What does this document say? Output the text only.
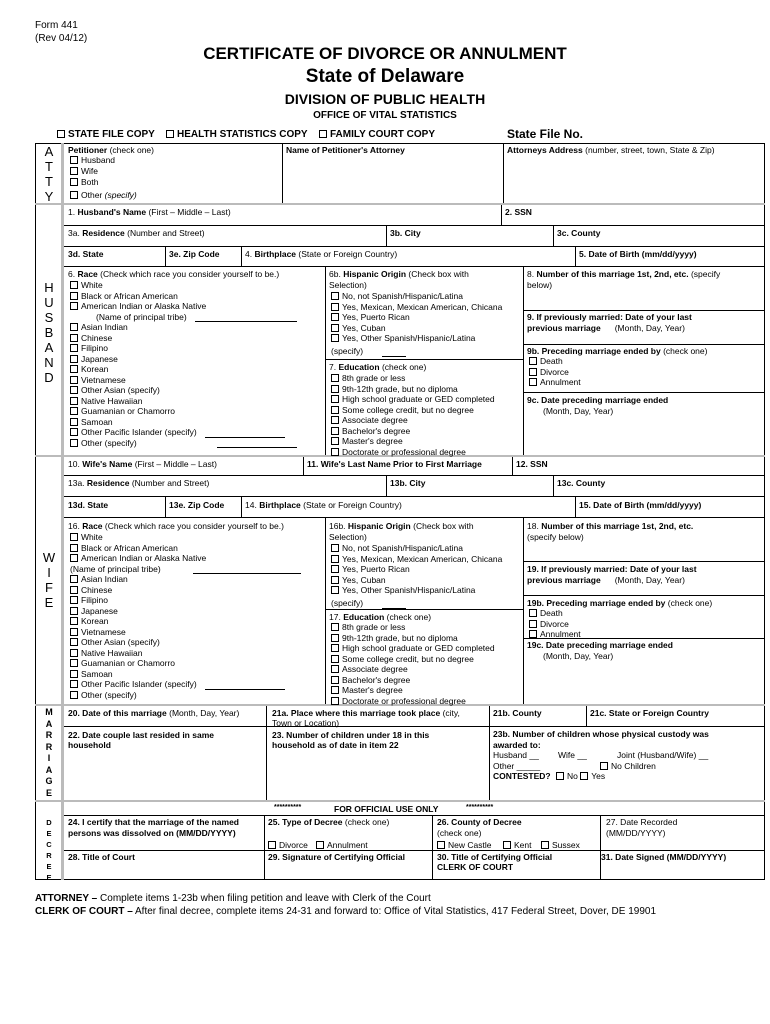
Form 441
(Rev 04/12)
CERTIFICATE OF DIVORCE OR ANNULMENT
State of Delaware
DIVISION OF PUBLIC HEALTH
OFFICE OF VITAL STATISTICS
STATE FILE COPY	HEALTH STATISTICS COPY	FAMILY COURT COPY	State File No.
A
T
T
Y
H
U
S
B
A
N
D
W
I
F
E
M
A
R
R
I
A
G
E
D
E
C
R
E
E
Petitioner (check one)
Husband
Wife
Both
Other (specify)
Name of Petitioner's Attorney	Attorneys Address (number, street, town, State & Zip)
1. Husband's Name (First – Middle – Last)	2. SSN
3a. Residence (Number and Street)	3b. City	3c. County
3d. State	3e. Zip Code	4. Birthplace (State or Foreign Country)	5. Date of Birth (mm/dd/yyyy)
6. Race (Check which race you consider yourself to be.)
White
Black or African American
American Indian or Alaska Native
(Name of principal tribe)
Asian Indian
Chinese
Filipino
Japanese
Korean
Vietnamese
Other Asian (specify)
Native Hawaiian
Guamanian or Chamorro
Samoan
Other Pacific Islander (specify)
Other (specify)
6b. Hispanic Origin (Check box with
Selection)
No, not Spanish/Hispanic/Latina
Yes, Mexican, Mexican American, Chicana
Yes, Puerto Rican
Yes, Cuban
Yes, Other Spanish/Hispanic/Latina
(specify)
7. Education (check one)
8th grade or less
9th-12th grade, but no diploma
High school graduate or GED completed
Some college credit, but no degree
Associate degree
Bachelor's degree
Master's degree
Doctorate or professional degree
8. Number of this marriage 1st, 2nd, etc. (specify
below)
9. If previously married: Date of your last
previous marriage (Month, Day, Year)
9b. Preceding marriage ended by (check one)
Death
Divorce
Annulment
9c. Date preceding marriage ended
(Month, Day, Year)
10. Wife's Name (First – Middle – Last)	11. Wife's Last Name Prior to First Marriage	12. SSN
13a. Residence (Number and Street)	13b. City	13c. County
13d. State	13e. Zip Code 14. Birthplace (State or Foreign Country)	15. Date of Birth (mm/dd/yyyy)
16. Race (Check which race you consider yourself to be.)
White
Black or African American
American Indian or Alaska Native
(Name of principal tribe)
Asian Indian
Chinese
Filipino
Japanese
Korean
Vietnamese
Other Asian (specify)
Native Hawaiian
Guamanian or Chamorro
Samoan
Other Pacific Islander (specify)
Other (specify)
16b. Hispanic Origin (Check box with
Selection)
No, not Spanish/Hispanic/Latina
Yes, Mexican, Mexican American, Chicana
Yes, Puerto Rican
Yes, Cuban
Yes, Other Spanish/Hispanic/Latina
(specify)
17. Education (check one)
8th grade or less
9th-12th grade, but no diploma
High school graduate or GED completed
Some college credit, but no degree
Associate degree
Bachelor's degree
Master's degree
Doctorate or professional degree
18. Number of this marriage 1st, 2nd, etc.
(specify below)
19. If previously married: Date of your last
previous marriage (Month, Day, Year)
19b. Preceding marriage ended by (check one)
Death
Divorce
Annulment
19c. Date preceding marriage ended
(Month, Day, Year)
20. Date of this marriage (Month, Day, Year)	21a. Place where this marriage took place (city,
Town or Location)
21b. County	21c. State or Foreign Country
22. Date couple last resided in same
household
23. Number of children under 18 in this
household as of date in item 22
23b. Number of children whose physical custody was
awarded to:
Husband __ Wife __	Joint (Husband/Wife) __
Other _____	No Children
CONTESTED? No Yes
**********	FOR OFFICIAL USE ONLY	**********
24. I certify that the marriage of the named
persons was dissolved on (MM/DD/YYYY)
25. Type of Decree (check one)
Divorce	Annulment
26. County of Decree
(check one)
New Castle	Kent	Sussex
27. Date Recorded
(MM/DD/YYYY)
28. Title of Court	29. Signature of Certifying Official	30. Title of Certifying Official
CLERK OF COURT
31. Date Signed (MM/DD/YYYY)
ATTORNEY – Complete items 1-23b when filing petition and leave with Clerk of the Court
CLERK OF COURT – After final decree, complete items 24-31 and forward to: Office of Vital Statistics, 417 Federal Street, Dover, DE 19901
